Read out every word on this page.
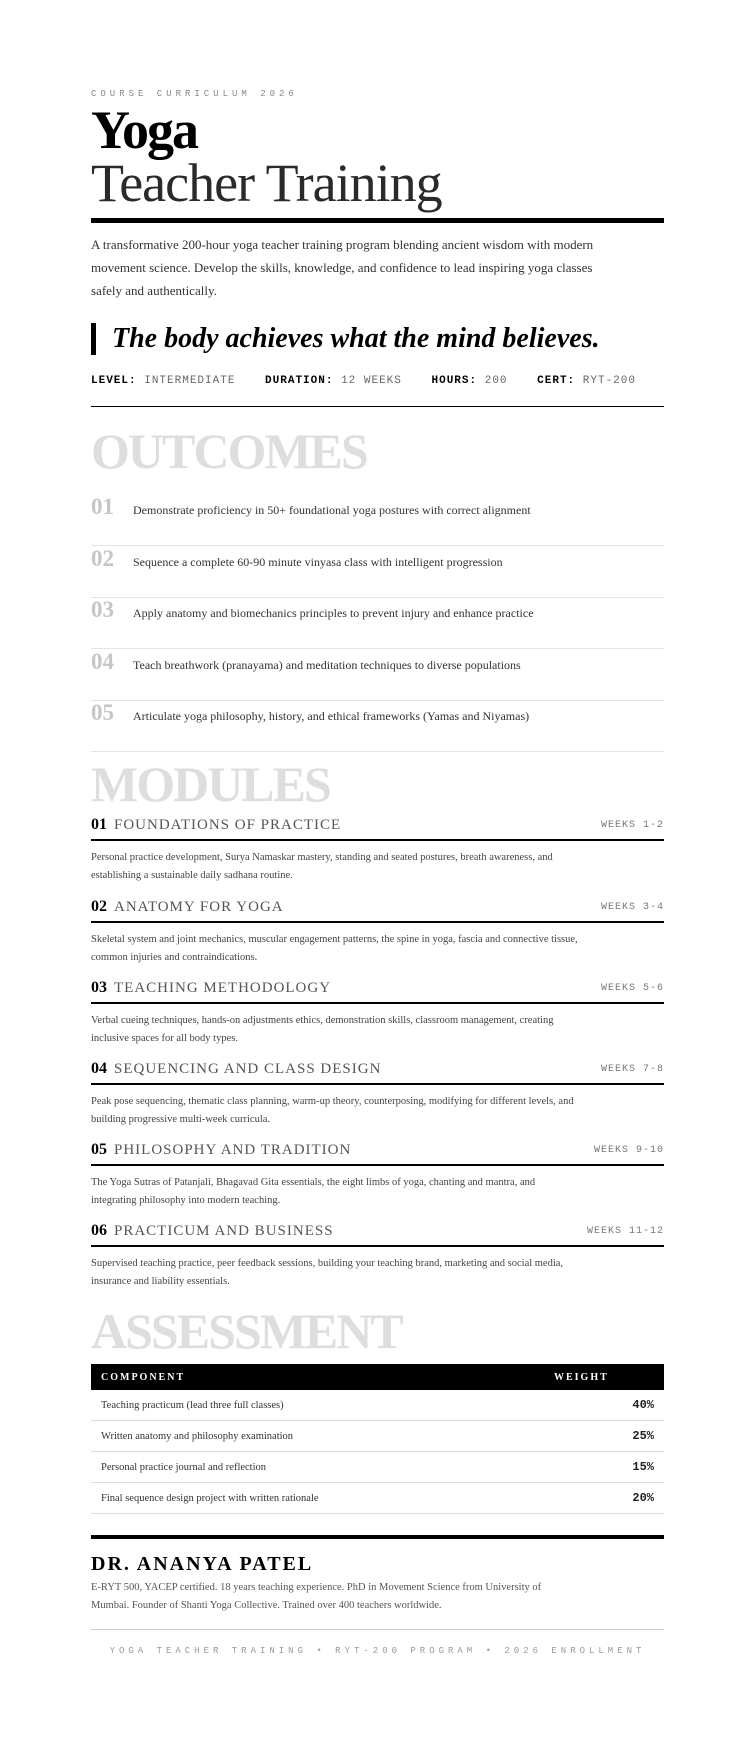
COURSE CURRICULUM 2026
Yoga
Teacher Training
A transformative 200-hour yoga teacher training program blending ancient wisdom with modern movement science. Develop the skills, knowledge, and confidence to lead inspiring yoga classes safely and authentically.
The body achieves what the mind believes.
LEVEL: INTERMEDIATE	DURATION: 12 WEEKS	HOURS: 200	CERT: RYT-200
OUTCOMES
01 Demonstrate proficiency in 50+ foundational yoga postures with correct alignment
02 Sequence a complete 60-90 minute vinyasa class with intelligent progression
03 Apply anatomy and biomechanics principles to prevent injury and enhance practice
04 Teach breathwork (pranayama) and meditation techniques to diverse populations
05 Articulate yoga philosophy, history, and ethical frameworks (Yamas and Niyamas)
MODULES
01 FOUNDATIONS OF PRACTICE	WEEKS 1-2
Personal practice development, Surya Namaskar mastery, standing and seated postures, breath awareness, and establishing a sustainable daily sadhana routine.
02 ANATOMY FOR YOGA	WEEKS 3-4
Skeletal system and joint mechanics, muscular engagement patterns, the spine in yoga, fascia and connective tissue, common injuries and contraindications.
03 TEACHING METHODOLOGY	WEEKS 5-6
Verbal cueing techniques, hands-on adjustments ethics, demonstration skills, classroom management, creating inclusive spaces for all body types.
04 SEQUENCING AND CLASS DESIGN	WEEKS 7-8
Peak pose sequencing, thematic class planning, warm-up theory, counterposing, modifying for different levels, and building progressive multi-week curricula.
05 PHILOSOPHY AND TRADITION	WEEKS 9-10
The Yoga Sutras of Patanjali, Bhagavad Gita essentials, the eight limbs of yoga, chanting and mantra, and integrating philosophy into modern teaching.
06 PRACTICUM AND BUSINESS	WEEKS 11-12
Supervised teaching practice, peer feedback sessions, building your teaching brand, marketing and social media, insurance and liability essentials.
ASSESSMENT
COMPONENT	WEIGHT
Teaching practicum (lead three full classes)	40%
Written anatomy and philosophy examination	25%
Personal practice journal and reflection	15%
Final sequence design project with written rationale	20%
DR. ANANYA PATEL
E-RYT 500, YACEP certified. 18 years teaching experience. PhD in Movement Science from University of Mumbai. Founder of Shanti Yoga Collective. Trained over 400 teachers worldwide.
YOGA TEACHER TRAINING • RYT-200 PROGRAM • 2026 ENROLLMENT
